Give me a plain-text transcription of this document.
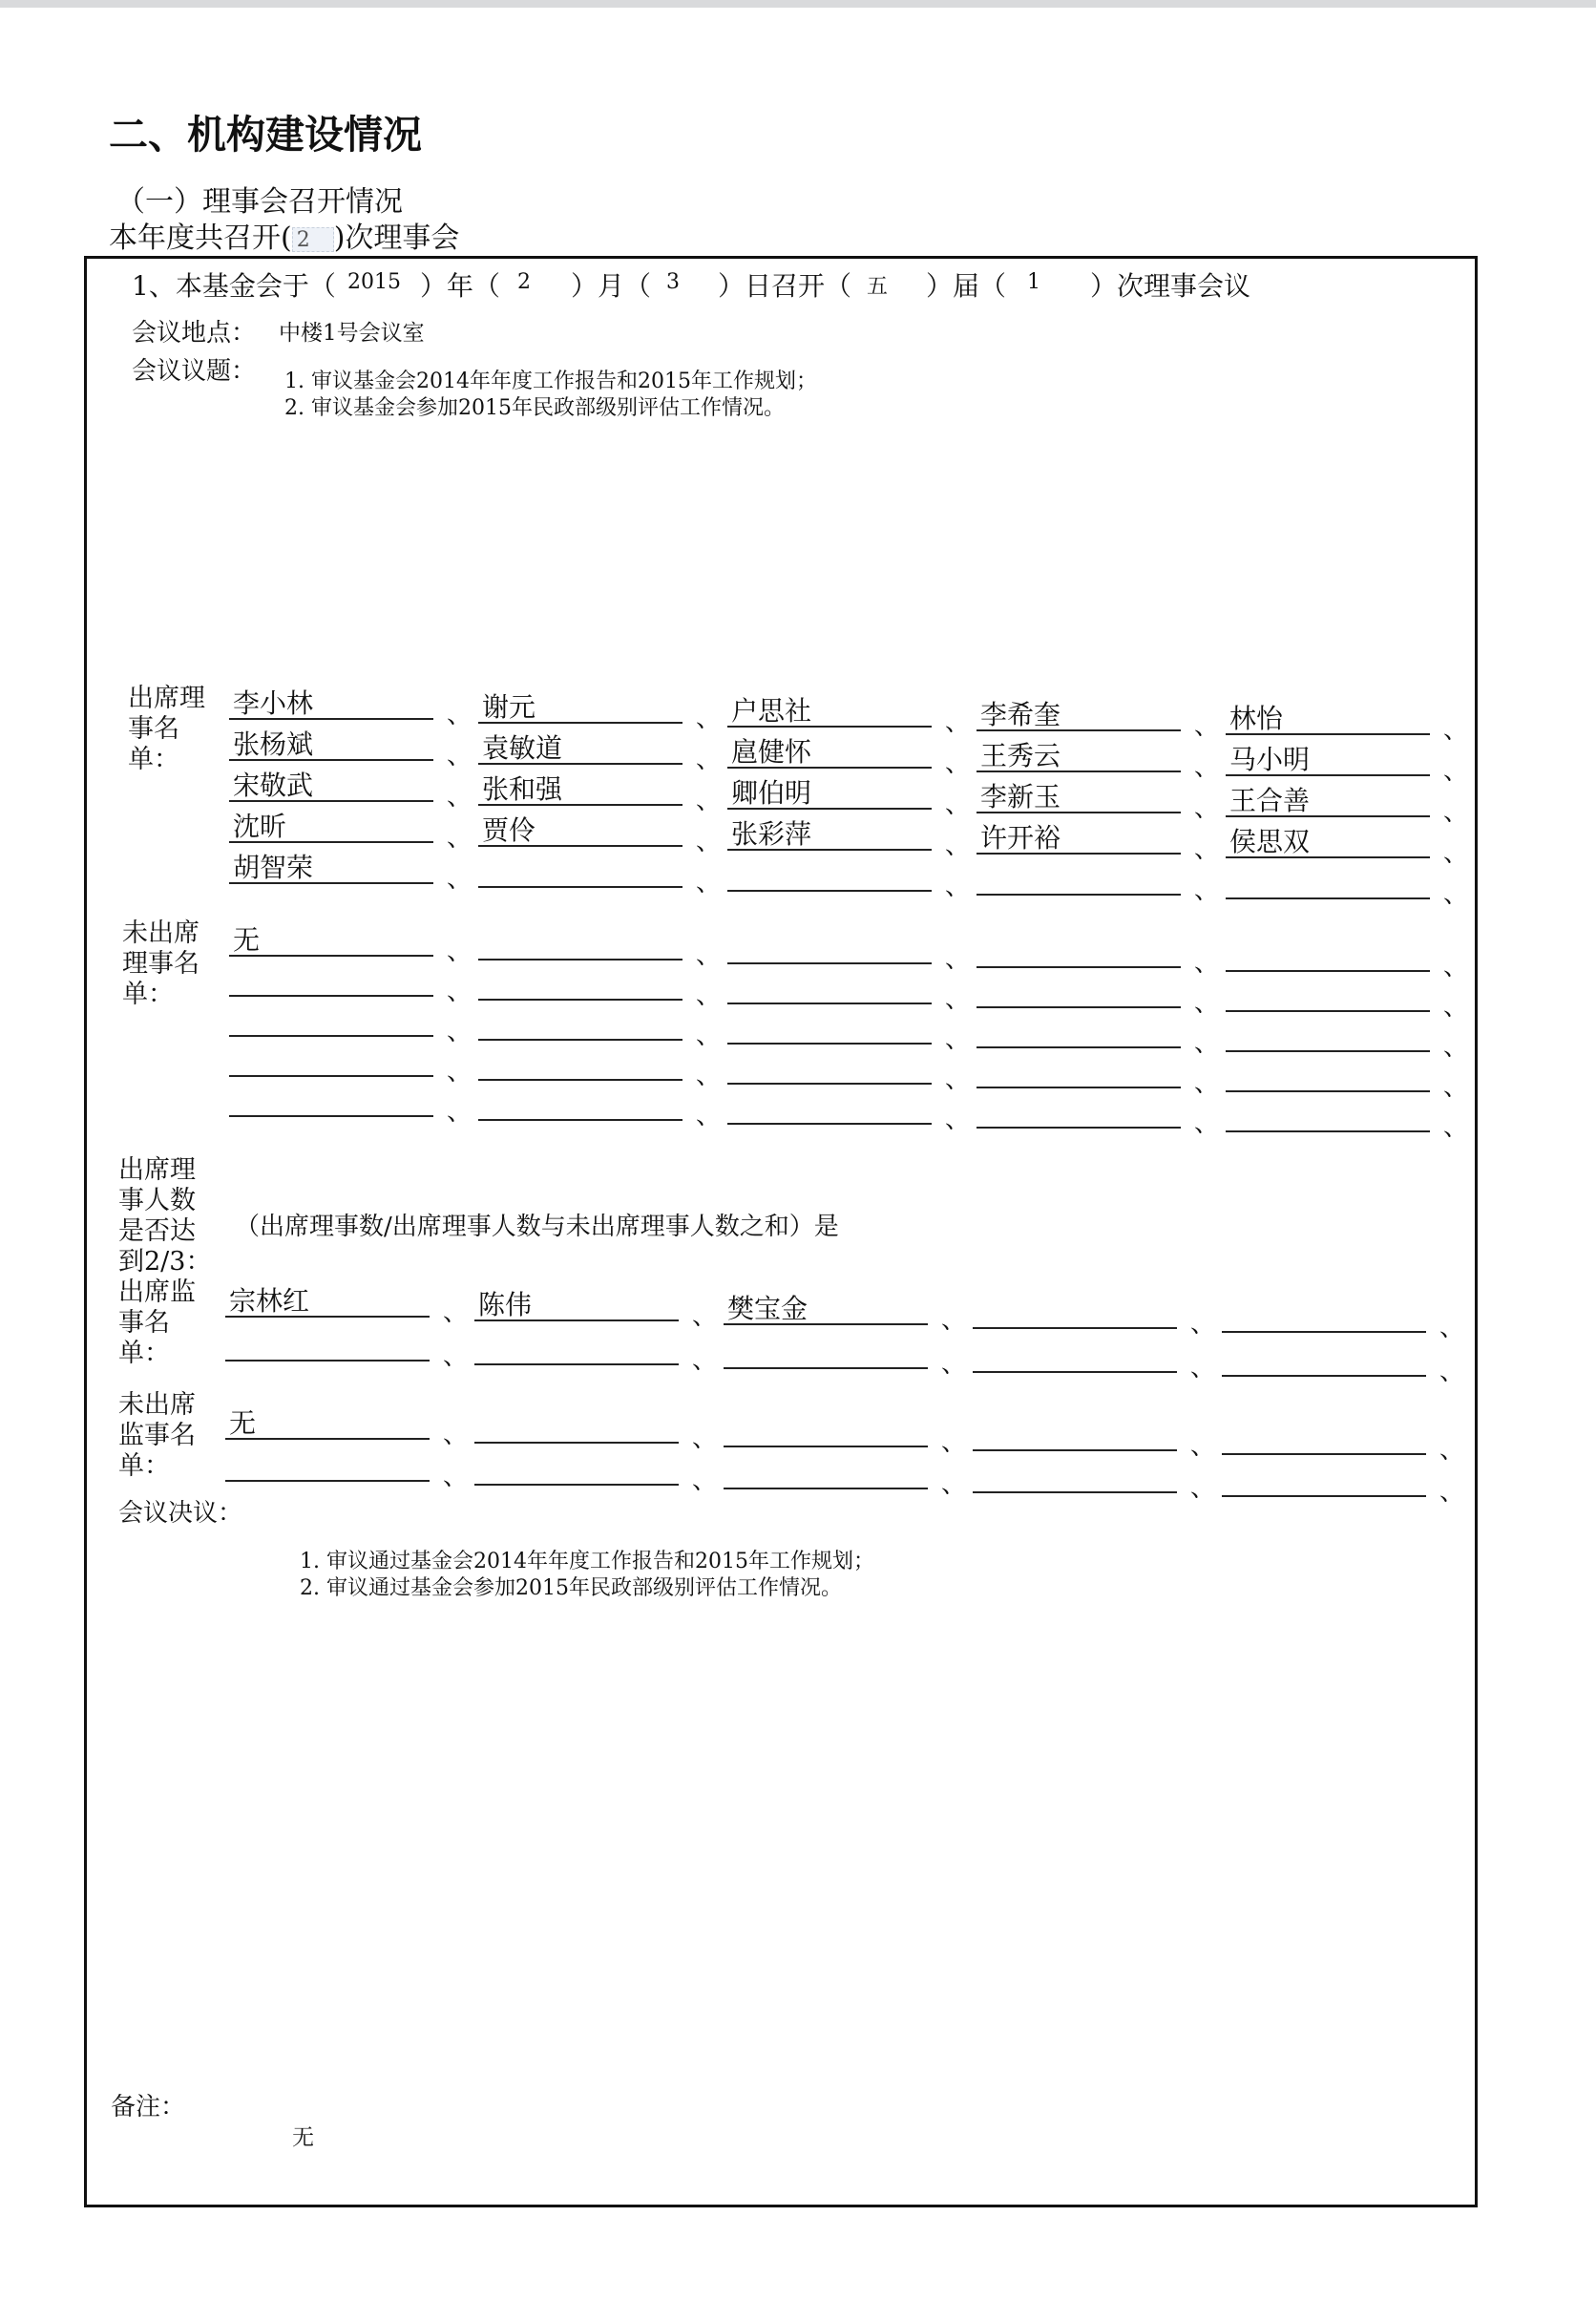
二、机构建设情况
（一）理事会召开情况
本年度共召开( 2 )次理事会
1、本基金会于（ 2015 ）年（ 2 ）月（ 3 ）日召开（ 五 ）届（ 1 ）次理事会议
会议地点： 中楼1号会议室
会议议题： 1. 审议基金会2014年年度工作报告和2015年工作规划；
2. 审议基金会参加2015年民政部级别评估工作情况。
李小林	、 谢元	、 户思社	、 李希奎	、 林怡	、
张杨斌	、 袁敏道	、 扈健怀	、 王秀云	、 马小明	、
宋敬武	、 张和强	、 卿伯明	、 李新玉	、 王合善	、
沈昕	、 贾伶	、 张彩萍	、 许开裕	、 侯思双	、
胡智荣	、	、	、	、	、
无	、	、	、	、	、
、	、	、	、	、
、	、	、	、	、
、	、	、	、	、
、	、	、	、	、
宗林红	、 陈伟	、 樊宝金	、	、	、
、	、	、	、	、
无	、	、	、	、	、
、	、	、	、	、
出席理
事名
单：
未出席
理事名
单：
出席理
事人数
是否达
到2/3：
（出席理事数/出席理事人数与未出席理事人数之和）是
出席监
事名
单：
未出席
监事名
单：
会议决议：
1. 审议通过基金会2014年年度工作报告和2015年工作规划；
2. 审议通过基金会参加2015年民政部级别评估工作情况。
备注：
无
